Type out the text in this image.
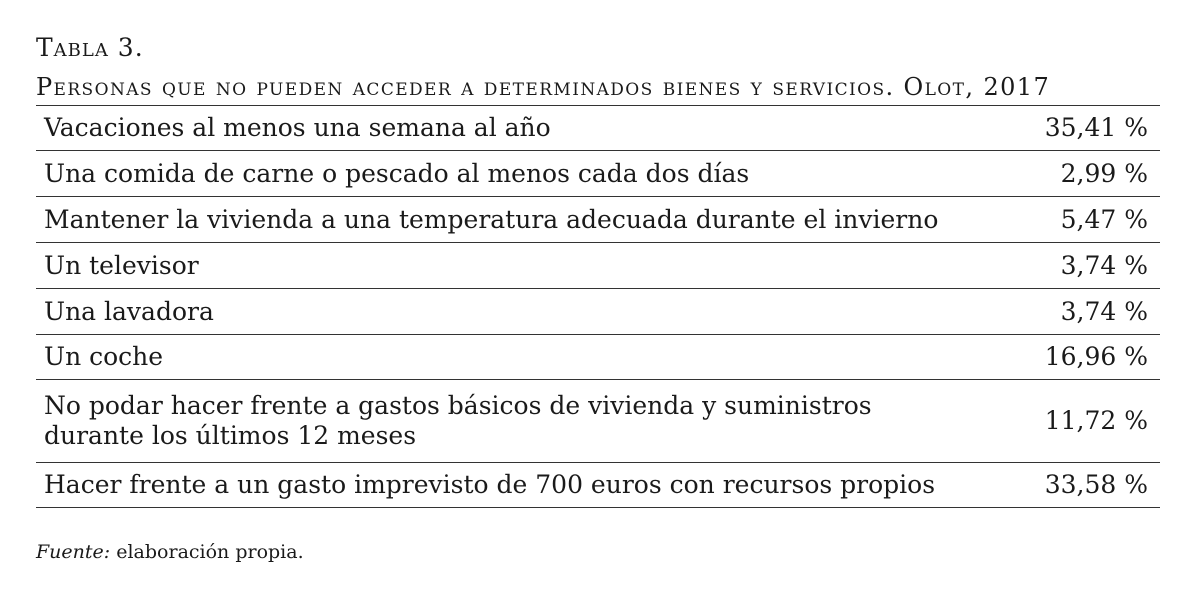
Tabla 3.
Personas que no pueden acceder a determinados bienes y servicios. Olot, 2017
Vacaciones al menos una semana al año	35,41 %
Una comida de carne o pescado al menos cada dos días	2,99 %
Mantener la vivienda a una temperatura adecuada durante el invierno	5,47 %
Un televisor	3,74 %
Una lavadora	3,74 %
Un coche	16,96 %
No podar hacer frente a gastos básicos de vivienda y suministros durante los últimos 12 meses	11,72 %
Hacer frente a un gasto imprevisto de 700 euros con recursos propios	33,58 %
Fuente: elaboración propia.
